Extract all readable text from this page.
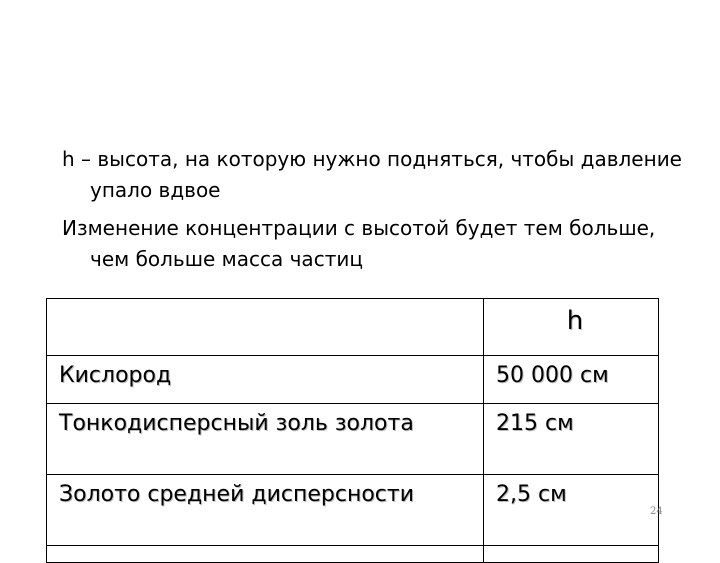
h – высота, на которую нужно подняться, чтобы давление упало вдвое

Изменение концентрации с высотой будет тем больше, чем больше масса частиц

	h
Кислород	50 000 см
Тонкодисперсный золь золота	215 см
Золото средней дисперсности	2,5 см

24
